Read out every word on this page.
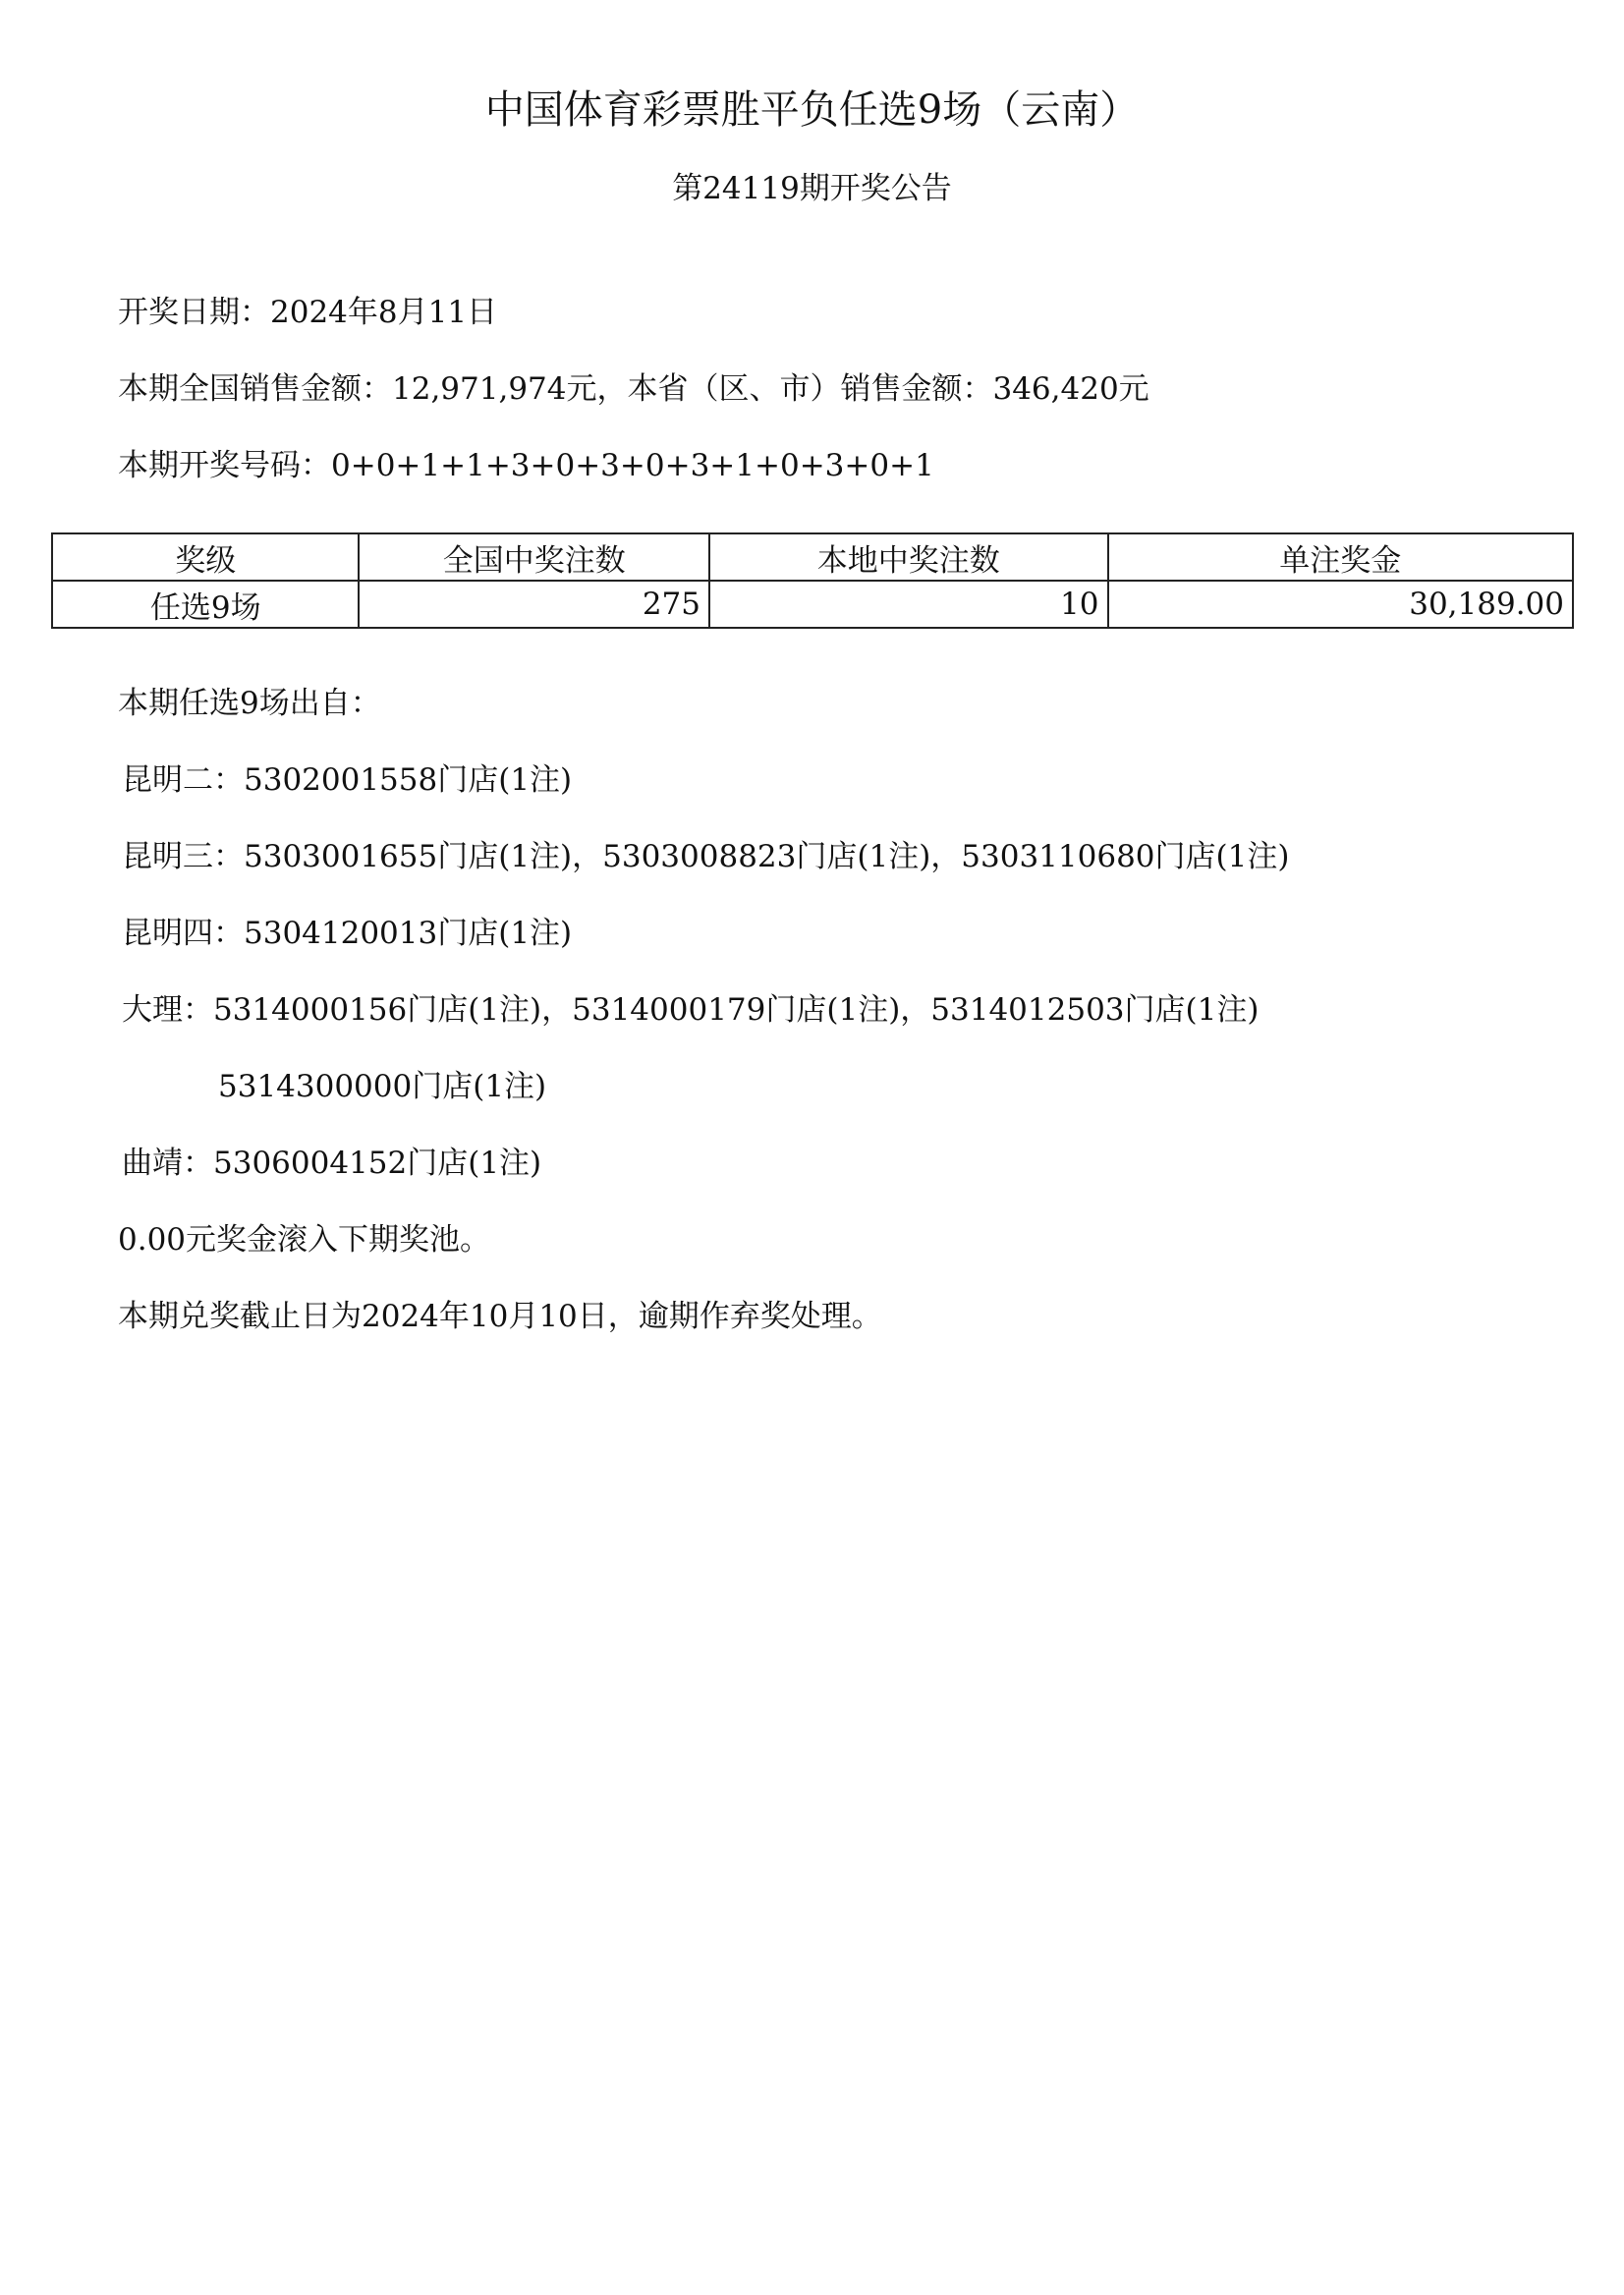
中国体育彩票胜平负任选9场（云南）
第24119期开奖公告
开奖日期：2024年8月11日
本期全国销售金额：12,971,974元，本省（区、市）销售金额：346,420元
本期开奖号码：0+0+1+1+3+0+3+0+3+1+0+3+0+1
奖级	全国中奖注数	本地中奖注数	单注奖金
任选9场	275	10	30,189.00
本期任选9场出自：
昆明二：5302001558门店(1注)
昆明三：5303001655门店(1注)，5303008823门店(1注)，5303110680门店(1注)
昆明四：5304120013门店(1注)
大理：5314000156门店(1注)，5314000179门店(1注)，5314012503门店(1注)
5314300000门店(1注)
曲靖：5306004152门店(1注)
0.00元奖金滚入下期奖池。
本期兑奖截止日为2024年10月10日，逾期作弃奖处理。
